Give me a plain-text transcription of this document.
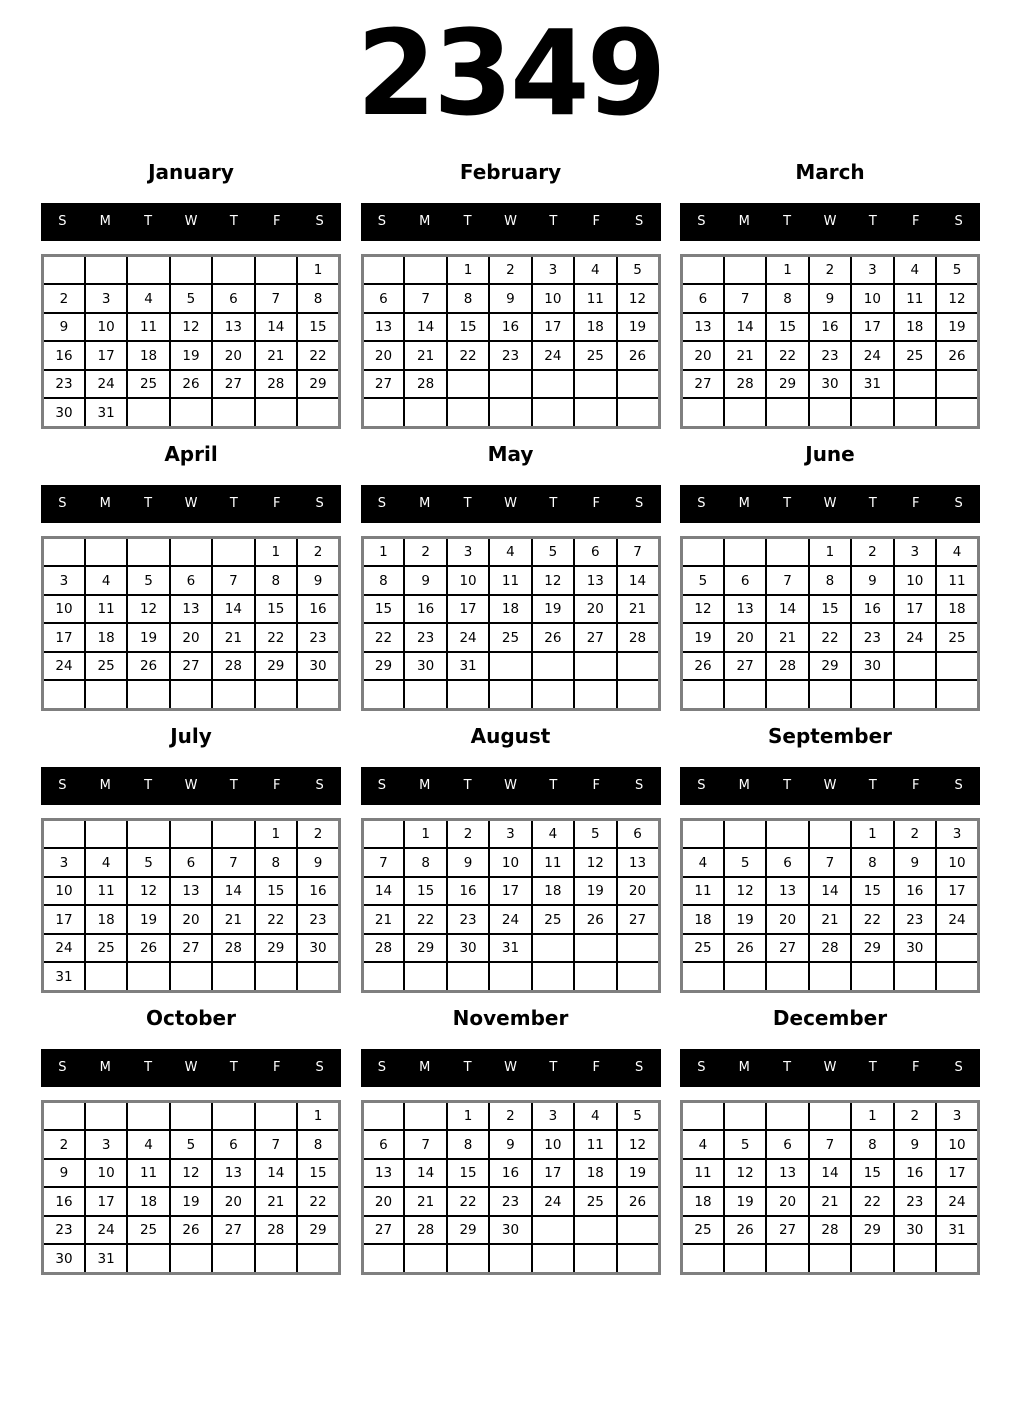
2349
January
S	M	T	W	T	F	S
						1
2	3	4	5	6	7	8
9	10	11	12	13	14	15
16	17	18	19	20	21	22
23	24	25	26	27	28	29
30	31					
February
S	M	T	W	T	F	S
		1	2	3	4	5
6	7	8	9	10	11	12
13	14	15	16	17	18	19
20	21	22	23	24	25	26
27	28					

March
S	M	T	W	T	F	S
		1	2	3	4	5
6	7	8	9	10	11	12
13	14	15	16	17	18	19
20	21	22	23	24	25	26
27	28	29	30	31		

April
S	M	T	W	T	F	S
					1	2
3	4	5	6	7	8	9
10	11	12	13	14	15	16
17	18	19	20	21	22	23
24	25	26	27	28	29	30

May
S	M	T	W	T	F	S
1	2	3	4	5	6	7
8	9	10	11	12	13	14
15	16	17	18	19	20	21
22	23	24	25	26	27	28
29	30	31				

June
S	M	T	W	T	F	S
			1	2	3	4
5	6	7	8	9	10	11
12	13	14	15	16	17	18
19	20	21	22	23	24	25
26	27	28	29	30		

July
S	M	T	W	T	F	S
					1	2
3	4	5	6	7	8	9
10	11	12	13	14	15	16
17	18	19	20	21	22	23
24	25	26	27	28	29	30
31						
August
S	M	T	W	T	F	S
	1	2	3	4	5	6
7	8	9	10	11	12	13
14	15	16	17	18	19	20
21	22	23	24	25	26	27
28	29	30	31			

September
S	M	T	W	T	F	S
				1	2	3
4	5	6	7	8	9	10
11	12	13	14	15	16	17
18	19	20	21	22	23	24
25	26	27	28	29	30	

October
S	M	T	W	T	F	S
						1
2	3	4	5	6	7	8
9	10	11	12	13	14	15
16	17	18	19	20	21	22
23	24	25	26	27	28	29
30	31					
November
S	M	T	W	T	F	S
		1	2	3	4	5
6	7	8	9	10	11	12
13	14	15	16	17	18	19
20	21	22	23	24	25	26
27	28	29	30			

December
S	M	T	W	T	F	S
				1	2	3
4	5	6	7	8	9	10
11	12	13	14	15	16	17
18	19	20	21	22	23	24
25	26	27	28	29	30	31
